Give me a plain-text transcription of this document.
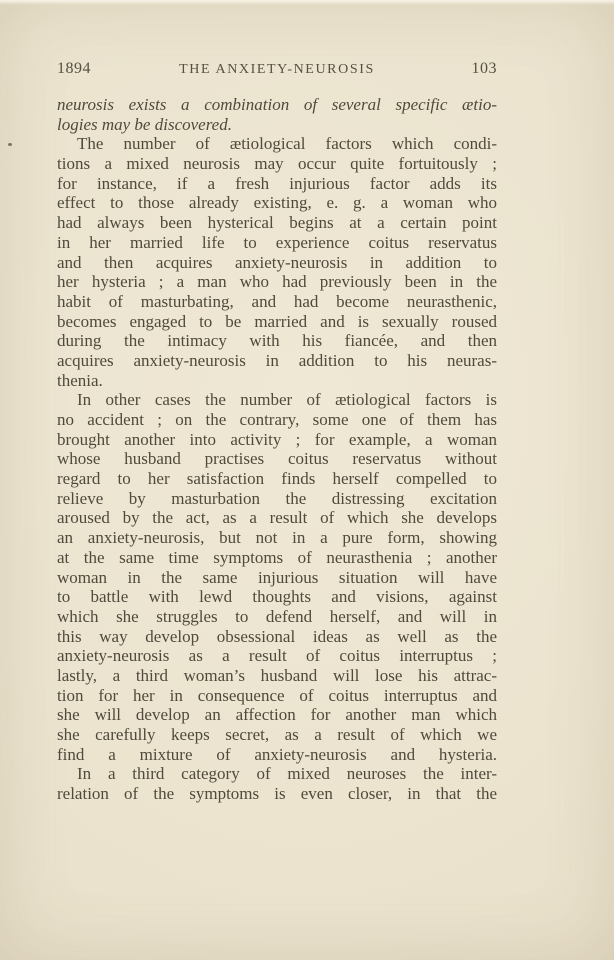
1894	THE ANXIETY-NEUROSIS	103
neurosis exists a combination of several specific ætio-
logies may be discovered.
The number of ætiological factors which condi-
tions a mixed neurosis may occur quite fortuitously ;
for instance, if a fresh injurious factor adds its
effect to those already existing, e. g. a woman who
had always been hysterical begins at a certain point
in her married life to experience coitus reservatus
and then acquires anxiety-neurosis in addition to
her hysteria ; a man who had previously been in the
habit of masturbating, and had become neurasthenic,
becomes engaged to be married and is sexually roused
during the intimacy with his fiancée, and then
acquires anxiety-neurosis in addition to his neuras-
thenia.
In other cases the number of ætiological factors is
no accident ; on the contrary, some one of them has
brought another into activity ; for example, a woman
whose husband practises coitus reservatus without
regard to her satisfaction finds herself compelled to
relieve by masturbation the distressing excitation
aroused by the act, as a result of which she develops
an anxiety-neurosis, but not in a pure form, showing
at the same time symptoms of neurasthenia ; another
woman in the same injurious situation will have
to battle with lewd thoughts and visions, against
which she struggles to defend herself, and will in
this way develop obsessional ideas as well as the
anxiety-neurosis as a result of coitus interruptus ;
lastly, a third woman’s husband will lose his attrac-
tion for her in consequence of coitus interruptus and
she will develop an affection for another man which
she carefully keeps secret, as a result of which we
find a mixture of anxiety-neurosis and hysteria.
In a third category of mixed neuroses the inter-
relation of the symptoms is even closer, in that the
